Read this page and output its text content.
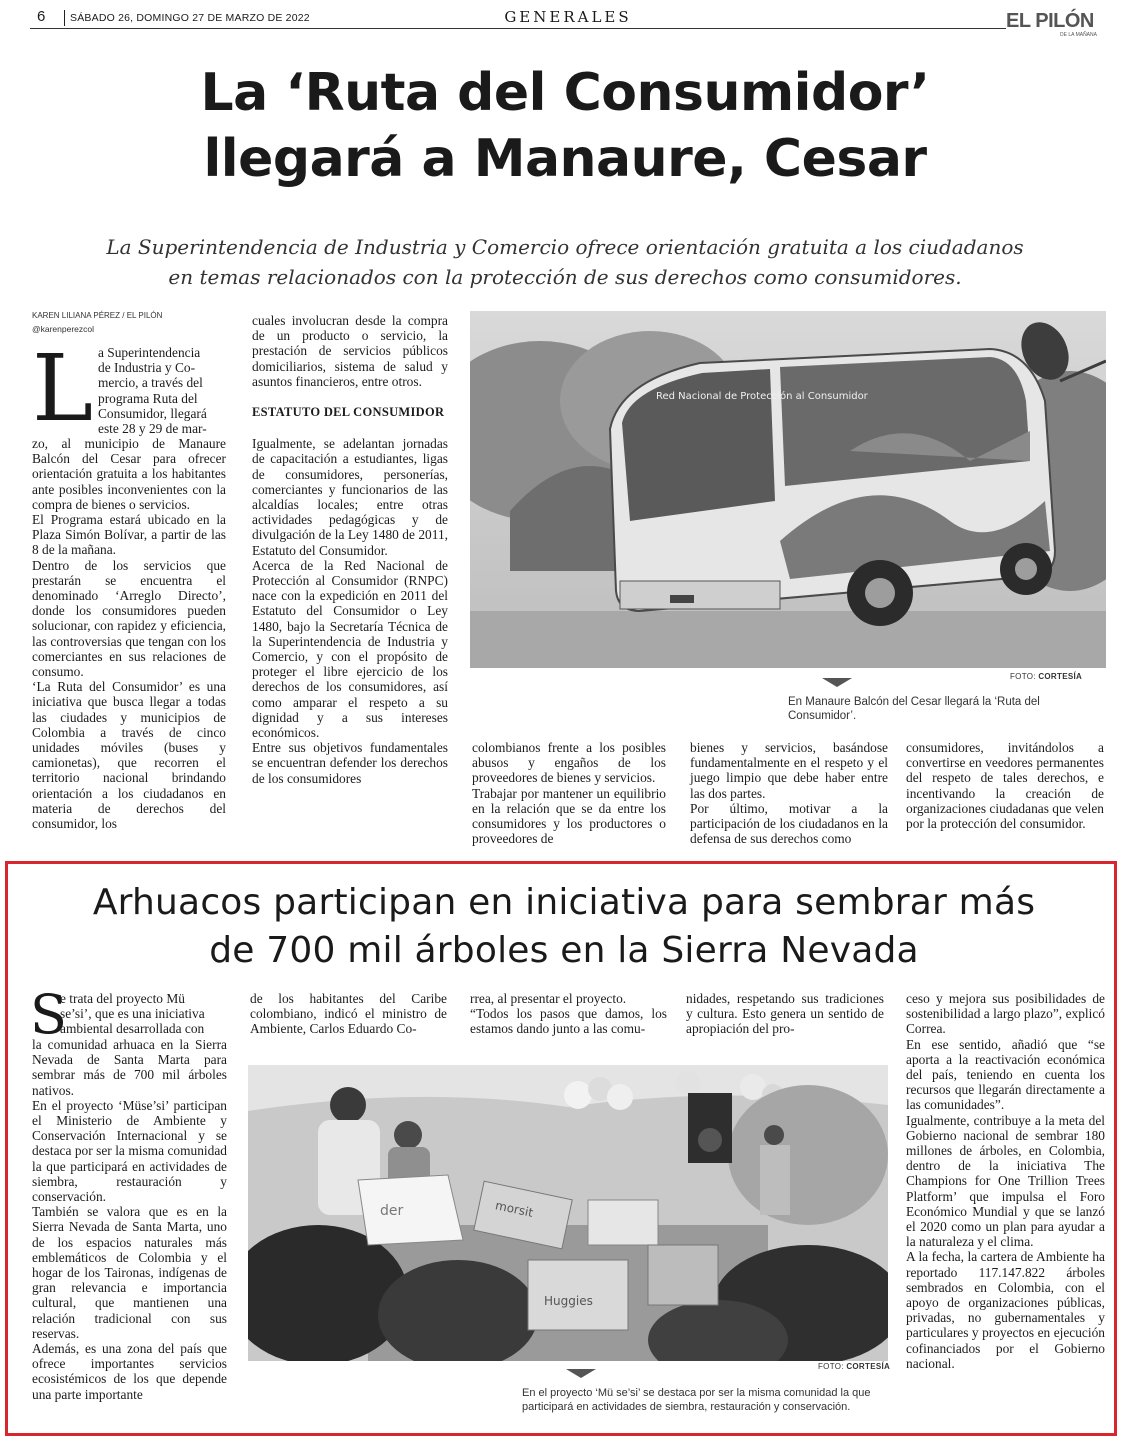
6 SÁBADO 26, DOMINGO 27 DE MARZO DE 2022	GENERALES	EL PILÓN
DE LA MAÑANA
La ‘Ruta del Consumidor’
llegará a Manaure, Cesar
La Superintendencia de Industria y Comercio ofrece orientación gratuita a los ciudadanos
en temas relacionados con la protección de sus derechos como consumidores.
KAREN LILIANA PÉREZ / EL PILÓN
@karenperezcol
L a Superintendencia
de Industria y Co-
mercio, a través del
programa Ruta del
Consumidor, llegará
este 28 y 29 de mar-

zo, al municipio de Manaure Balcón del Cesar para ofrecer orientación gratuita a los habitantes ante posibles inconvenientes con la compra de bienes o servicios.

El Programa estará ubicado en la Plaza Simón Bolívar, a partir de las 8 de la mañana.

Dentro de los servicios que prestarán se encuentra el denominado ‘Arreglo Directo’, donde los consumidores pueden solucionar, con rapidez y eficiencia, las controversias que tengan con los comerciantes en sus relaciones de consumo.

‘La Ruta del Consumidor’ es una iniciativa que busca llegar a todas las ciudades y municipios de Colombia a través de cinco unidades móviles (buses y camionetas), que recorren el territorio nacional brindando orientación a los ciudadanos en materia de derechos del consumidor, los

cuales involucran desde la compra de un producto o servicio, la prestación de servicios públicos domiciliarios, sistema de salud y asuntos financieros, entre otros.

ESTATUTO DEL CONSUMIDOR

Igualmente, se adelantan jornadas de capacitación a estudiantes, ligas de consumidores, personerías, comerciantes y funcionarios de las alcaldías locales; entre otras actividades pedagógicas y de divulgación de la Ley 1480 de 2011, Estatuto del Consumidor.

Acerca de la Red Nacional de Protección al Consumidor (RNPC) nace con la expedición en 2011 del Estatuto del Consumidor o Ley 1480, bajo la Secretaría Técnica de la Superintendencia de Industria y Comercio, y con el propósito de proteger el libre ejercicio de los derechos de los consumidores, así como amparar el respeto a su dignidad y a sus intereses económicos.

Entre sus objetivos fundamentales se encuentran defender los derechos de los consumidores

Red Nacional de Protección al Consumidor
FOTO: CORTESÍA
En Manaure Balcón del Cesar llegará la ‘Ruta del Consumidor’.

colombianos frente a los posibles abusos y engaños de los proveedores de bienes y servicios.

Trabajar por mantener un equilibrio en la relación que se da entre los consumidores y los productores o proveedores de

bienes y servicios, basándose fundamentalmente en el respeto y el juego limpio que debe haber entre las dos partes.

Por último, motivar a la participación de los ciudadanos en la defensa de sus derechos como

consumidores, invitándolos a convertirse en veedores permanentes del respeto de tales derechos, e incentivando la creación de organizaciones ciudadanas que velen por la protección del consumidor.

Arhuacos participan en iniciativa para sembrar más
de 700 mil árboles en la Sierra Nevada
S
e trata del proyecto Mü
se’si’, que es una iniciativa
ambiental desarrollada con

la comunidad arhuaca en la Sierra Nevada de Santa Marta para sembrar más de 700 mil árboles nativos.

En el proyecto ‘Müse’si’ participan el Ministerio de Ambiente y Conservación Internacional y se destaca por ser la misma comunidad la que participará en actividades de siembra, restauración y conservación.

También se valora que es en la Sierra Nevada de Santa Marta, uno de los espacios naturales más emblemáticos de Colombia y el hogar de los Taironas, indígenas de gran relevancia e importancia cultural, que mantienen una relación tradicional con sus reservas.

Además, es una zona del país que ofrece importantes servicios ecosistémicos de los que depende una parte importante

de los habitantes del Caribe colombiano, indicó el ministro de Ambiente, Carlos Eduardo Co-

rrea, al presentar el proyecto.

“Todos los pasos que damos, los estamos dando junto a las comu-

nidades, respetando sus tradiciones y cultura. Esto genera un sentido de apropiación del pro-

der	morsit
Huggies
FOTO: CORTESÍA
En el proyecto ‘Mü se’si’ se destaca por ser la misma comunidad la que
participará en actividades de siembra, restauración y conservación.

ceso y mejora sus posibilidades de sostenibilidad a largo plazo”, explicó Correa.

En ese sentido, añadió que “se aporta a la reactivación económica del país, teniendo en cuenta los recursos que llegarán directamente a las comunidades”.

Igualmente, contribuye a la meta del Gobierno nacional de sembrar 180 millones de árboles, en Colombia, dentro de la iniciativa The Champions for One Trillion Trees Platform’ que impulsa el Foro Económico Mundial y que se lanzó el 2020 como un plan para ayudar a la naturaleza y el clima.

A la fecha, la cartera de Ambiente ha reportado 117.147.822 árboles sembrados en Colombia, con el apoyo de organizaciones públicas, privadas, no gubernamentales y particulares y proyectos en ejecución cofinanciados por el Gobierno nacional.
